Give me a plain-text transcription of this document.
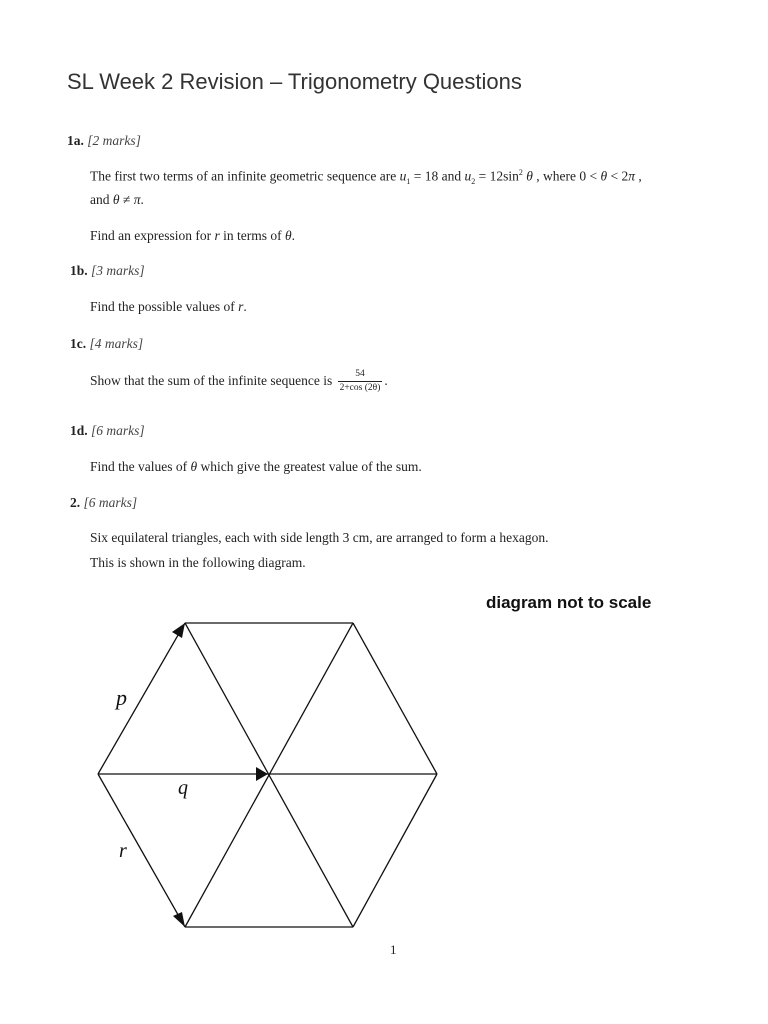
SL Week 2 Revision – Trigonometry Questions
1a. [2 marks]
The first two terms of an infinite geometric sequence are $u_1 = 18$ and $u_2 = 12\sin^2$ θ , where 0 < θ < 2π ,
and θ ≠ π.
Find an expression for r in terms of θ.
1b. [3 marks]
Find the possible values of r.
1c. [4 marks]
Show that the sum of the infinite sequence is $\frac{54}{2+\cos (2\theta)}$ .
1d. [6 marks]
Find the values of θ which give the greatest value of the sum.
2. [6 marks]
Six equilateral triangles, each with side length 3 cm, are arranged to form a hexagon.
This is shown in the following diagram.
diagram not to scale
p
q
r
1
